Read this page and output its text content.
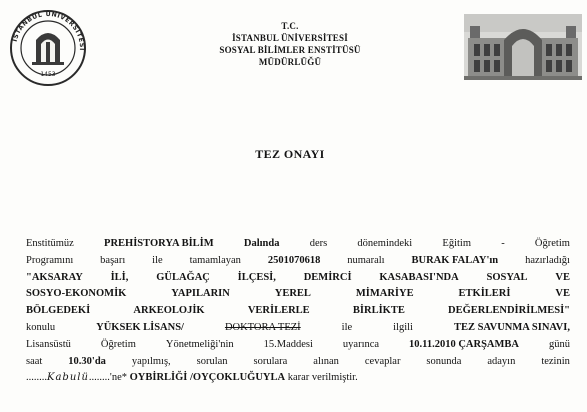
İSTANBUL ÜNİVERSİTESİ
1453
T.C.
İSTANBUL ÜNİVERSİTESİ
SOSYAL BİLİMLER ENSTİTÜSÜ
MÜDÜRLÜĞÜ
TEZ ONAYI
Enstitümüz	PREHİSTORYA BİLİM	Dalında	ders	dönemindeki	Eğitim	-	Öğretim
Programını	başarı	ile	tamamlayan	2501070618	numaralı	BURAK FALAY'ın	hazırladığı
"AKSARAY	İLİ,	GÜLAĞAÇ	İLÇESİ,	DEMİRCİ	KASABASI'NDA	SOSYAL	VE
SOSYO-EKONOMİK	YAPILARIN	YEREL	MİMARİYE	ETKİLERİ	VE
BÖLGEDEKİ	ARKEOLOJİK	VERİLERLE	BİRLİKTE	DEĞERLENDİRİLMESİ"
konulu	YÜKSEK LİSANS/	DOKTORA TEZİ	ile	ilgili	TEZ SAVUNMA SINAVI,
Lisansüstü	Öğretim	Yönetmeliği'nin	15.Maddesi	uyarınca	10.11.2010 ÇARŞAMBA	günü
saat 10.30'da yapılmış, sorulan sorulara alınan cevaplar sonunda adayın tezinin
........ Kabulü ........ 'ne*
OYBİRLİĞİ
/ OYÇOKLUĞUYLA
karar verilmiştir.
